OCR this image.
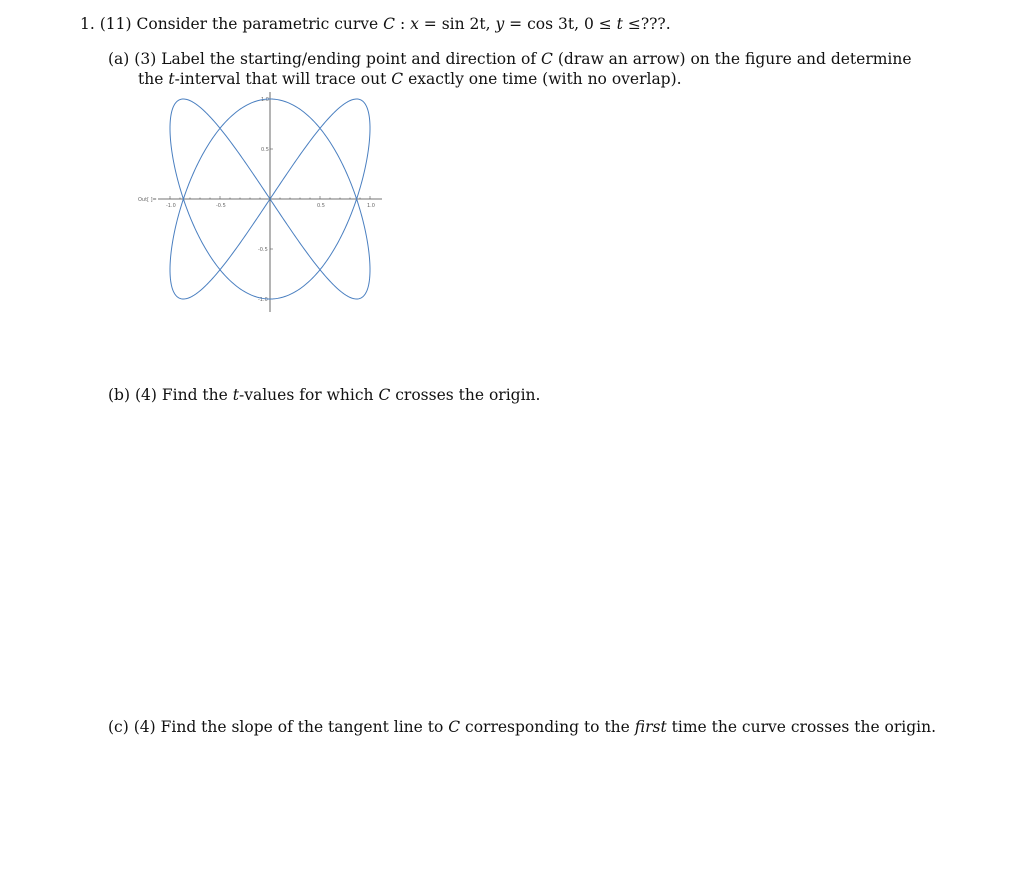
1. (11) Consider the parametric curve C : x = sin 2t, y = cos 3t, 0 ≤ t ≤???.
(a) (3) Label the starting/ending point and direction of C (draw an arrow) on the figure and determine
the t-interval that will trace out C exactly one time (with no overlap).
Out[ ]=
-1.0	-0.5	0.5	1.0
1.0
0.5
-0.5
-1.0
(b) (4) Find the t-values for which C crosses the origin.
(c) (4) Find the slope of the tangent line to C corresponding to the first time the curve crosses the origin.
